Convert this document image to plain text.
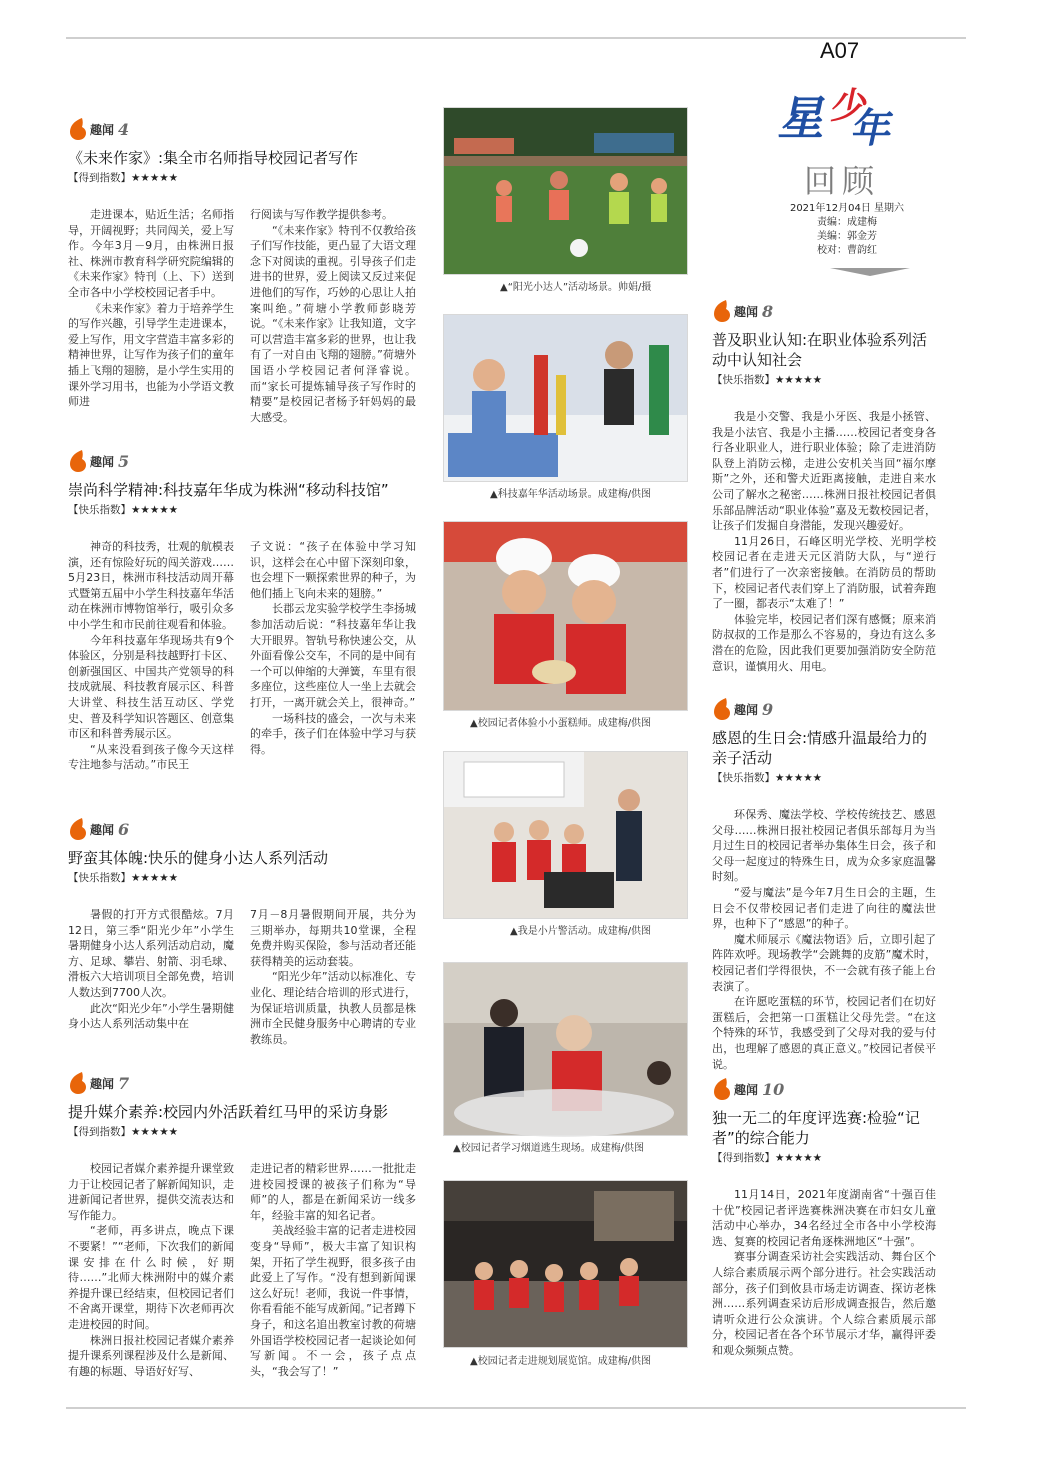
A07
星
少
年
回顾
2021年12月04日 星期六
责编：成建梅
美编：郭金芳
校对：曹韵红
趣闻 4
《未来作家》:集全市名师指导校园记者写作
【得到指数】★★★★★

走进课本，贴近生活；名师指导，开阔视野；共同闯关，爱上写作。今年3月－9月，由株洲日报社、株洲市教育科学研究院编辑的《未来作家》特刊（上、下）送到全市各中小学校校园记者手中。

《未来作家》着力于培养学生的写作兴趣，引导学生走进课本，爱上写作，用文字营造丰富多彩的精神世界，让写作为孩子们的童年插上飞翔的翅膀，是小学生实用的课外学习用书，也能为小学语文教师进

行阅读与写作教学提供参考。

“《未来作家》特刊不仅教给孩子们写作技能，更凸显了大语文理念下对阅读的重视。引导孩子们走进书的世界，爱上阅读又反过来促进他们的写作，巧妙的心思让人拍案叫绝。”荷塘小学教师彭晓芳说。“《未来作家》让我知道，文字可以营造丰富多彩的世界，也让我有了一对自由飞翔的翅膀。”荷塘外国语小学校园记者何泽睿说。而“家长可提炼辅导孩子写作时的精要”是校园记者杨予轩妈妈的最大感受。

趣闻 5
崇尚科学精神:科技嘉年华成为株洲“移动科技馆”
【快乐指数】★★★★★

神奇的科技秀，壮观的航模表演，还有惊险好玩的闯关游戏……5月23日，株洲市科技活动周开幕式暨第五届中小学生科技嘉年华活动在株洲市博物馆举行，吸引众多中小学生和市民前往观看和体验。

今年科技嘉年华现场共有9个体验区，分别是科技越野打卡区、创新强国区、中国共产党领导的科技成就展、科技教育展示区、科普大讲堂、科技生活互动区、学党史、普及科学知识答题区、创意集市区和科普秀展示区。

“从来没看到孩子像今天这样专注地参与活动。”市民王

子文说：“孩子在体验中学习知识，这样会在心中留下深刻印象，也会埋下一颗探索世界的种子，为他们插上飞向未来的翅膀。”

长郡云龙实验学校学生李扬城参加活动后说：“科技嘉年华让我大开眼界。智轨号称快速公交，从外面看像公交车，不同的是中间有一个可以伸缩的大弹簧，车里有很多座位，这些座位人一坐上去就会打开，一离开就会关上，很神奇。”

一场科技的盛会，一次与未来的牵手，孩子们在体验中学习与获得。

趣闻 6
野蛮其体魄:快乐的健身小达人系列活动
【快乐指数】★★★★★

暑假的打开方式很酷炫。7月12日，第三季“阳光少年”小学生暑期健身小达人系列活动启动，魔方、足球、攀岩、射箭、羽毛球、滑板六大培训项目全部免费，培训人数达到7700人次。

此次“阳光少年”小学生暑期健身小达人系列活动集中在

7月－8月暑假期间开展，共分为三期举办，每期共10堂课，全程免费并购买保险，参与活动者还能获得精美的运动套装。

“阳光少年”活动以标准化、专业化、理论结合培训的形式进行，为保证培训质量，执教人员都是株洲市全民健身服务中心聘请的专业教练员。

趣闻 7
提升媒介素养:校园内外活跃着红马甲的采访身影
【得到指数】★★★★★

校园记者媒介素养提升课堂致力于让校园记者了解新闻知识，走进新闻记者世界，提供交流表达和写作能力。

“老师，再多讲点，晚点下课不要紧！”“老师，下次我们的新闻课安排在什么时候，好期待……”北师大株洲附中的媒介素养提升课已经结束，但校园记者们不舍离开课堂，期待下次老师再次走进校园的时间。

株洲日报社校园记者媒介素养提升课系列课程涉及什么是新闻、有趣的标题、导语好好写、

走进记者的精彩世界……一批批走进校园授课的被孩子们称为“导师”的人，都是在新闻采访一线多年，经验丰富的知名记者。

美战经验丰富的记者走进校园变身“导师”，极大丰富了知识构架，开拓了学生视野，很多孩子由此爱上了写作。“没有想到新闻课这么好玩！老师，我说一件事情，你看看能不能写成新闻。”记者蹲下身子，和这名追出教室讨教的荷塘外国语学校校园记者一起谈论如何写新闻。不一会，孩子点点头，“我会写了！”

趣闻 8
普及职业认知:在职业体验系列活动中认知社会
【快乐指数】★★★★★

我是小交警、我是小牙医、我是小拯管、我是小法官、我是小主播……校园记者变身各行各业职业人，进行职业体验；除了走进消防队登上消防云梯，走进公安机关当回“福尔摩斯”之外，还和警犬近距离接触，走进自来水公司了解水之秘密……株洲日报社校园记者俱乐部品牌活动“职业体验”嘉及无数校园记者，让孩子们发掘自身潜能，发现兴趣爱好。

11月26日，石峰区明光学校、光明学校校园记者在走进天元区消防大队，与“逆行者”们进行了一次亲密接触。在消防员的帮助下，校园记者代表们穿上了消防服，试着奔跑了一圈，都表示“太难了！”

体验完毕，校园记者们深有感慨；原来消防叔叔的工作是那么不容易的，身边有这么多潜在的危险，因此我们更要加强消防安全防范意识，谨慎用火、用电。

趣闻 9
感恩的生日会:情感升温最给力的亲子活动
【快乐指数】★★★★★

环保秀、魔法学校、学校传统技艺、感恩父母……株洲日报社校园记者俱乐部每月为当月过生日的校园记者举办集体生日会，孩子和父母一起度过的特殊生日，成为众多家庭温馨时刻。

“爱与魔法”是今年7月生日会的主题，生日会不仅带校园记者们走进了向往的魔法世界，也种下了“感恩”的种子。

魔术师展示《魔法物语》后，立即引起了阵阵欢呼。现场教学“会跳舞的皮筋”魔术时，校园记者们学得很快，不一会就有孩子能上台表演了。

在许愿吃蛋糕的环节，校园记者们在切好蛋糕后，会把第一口蛋糕让父母先尝。“在这个特殊的环节，我感受到了父母对我的爱与付出，也理解了感恩的真正意义。”校园记者侯平说。

趣闻 10
独一无二的年度评选赛:检验“记者”的综合能力
【得到指数】★★★★★

11月14日，2021年度湖南省“十强百佳十优”校园记者评选赛株洲决赛在市妇女儿童活动中心举办，34名经过全市各中小学校海选、复赛的校园记者角逐株洲地区“十强”。

赛事分调查采访社会实践活动、舞台区个人综合素质展示两个部分进行。社会实践活动部分，孩子们到攸县市场走访调查、探访老株洲……系列调查采访后形成调查报告，然后邀请听众进行公众演讲。个人综合素质展示部分，校园记者在各个环节展示才华，赢得评委和观众频频点赞。

▲“阳光小达人”活动场景。帅娟/摄
▲科技嘉年华活动场景。成建梅/供图
▲校园记者体验小小蛋糕师。成建梅/供图
▲我是小片警活动。成建梅/供图
▲校园记者学习烟道逃生现场。成建梅/供图
▲校园记者走进规划展览馆。成建梅/供图
